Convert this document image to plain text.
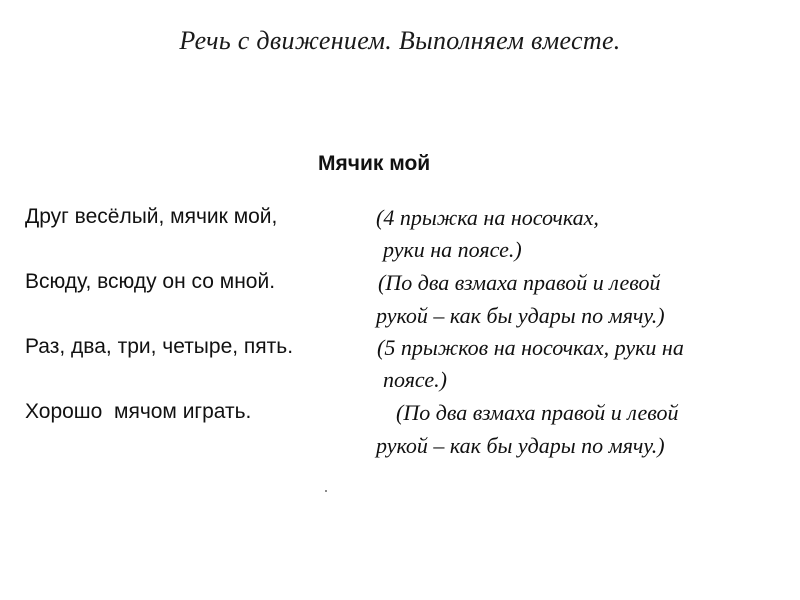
Речь с движением. Выполняем вместе.
Мячик мой
Друг весёлый, мячик мой,	(4 прыжка на носочках,
руки на поясе.)
Всюду, всюду он со мной.	(По два взмаха правой и левой
рукой – как бы удары по мячу.)
Раз, два, три, четыре, пять.	(5 прыжков на носочках, руки на
поясе.)
Хорошо  мячом играть.	(По два взмаха правой и левой
рукой – как бы удары по мячу.)
